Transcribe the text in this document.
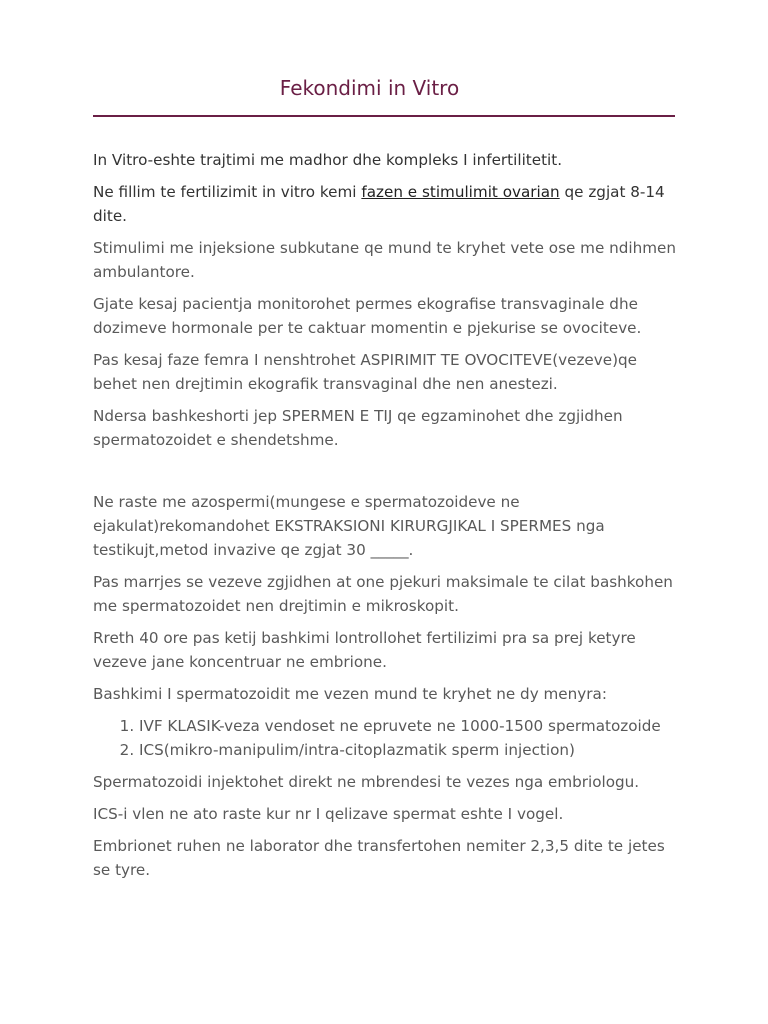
Fekondimi in Vitro

In Vitro-eshte trajtimi me madhor dhe kompleks I infertilitetit.

Ne fillim te fertilizimit in vitro kemi fazen e stimulimit ovarian qe zgjat 8-14 dite.

Stimulimi me injeksione subkutane qe mund te kryhet vete ose me ndihmen ambulantore.

Gjate kesaj pacientja monitorohet permes ekografise transvaginale dhe dozimeve hormonale per te caktuar momentin e pjekurise se ovociteve.

Pas kesaj faze femra I nenshtrohet ASPIRIMIT TE OVOCITEVE(vezeve)qe behet nen drejtimin ekografik transvaginal dhe nen anestezi.

Ndersa bashkeshorti jep SPERMEN E TIJ qe egzaminohet dhe zgjidhen spermatozoidet e shendetshme.

Ne raste me azospermi(mungese e spermatozoideve ne ejakulat)rekomandohet EKSTRAKSIONI KIRURGJIKAL I SPERMES nga testikujt,metod invazive qe zgjat 30 _____.

Pas marrjes se vezeve zgjidhen at one pjekuri maksimale te cilat bashkohen me spermatozoidet nen drejtimin e mikroskopit.

Rreth 40 ore pas ketij bashkimi lontrollohet fertilizimi pra sa prej ketyre vezeve jane koncentruar ne embrione.

Bashkimi I spermatozoidit me vezen mund te kryhet ne dy menyra:

1. IVF KLASIK-veza vendoset ne epruvete ne 1000-1500 spermatozoide
2. ICS(mikro-manipulim/intra-citoplazmatik sperm injection)

Spermatozoidi injektohet direkt ne mbrendesi te vezes nga embriologu.

ICS-i vlen ne ato raste kur nr I qelizave spermat eshte I vogel.

Embrionet ruhen ne laborator dhe transfertohen nemiter 2,3,5 dite te jetes se tyre.
